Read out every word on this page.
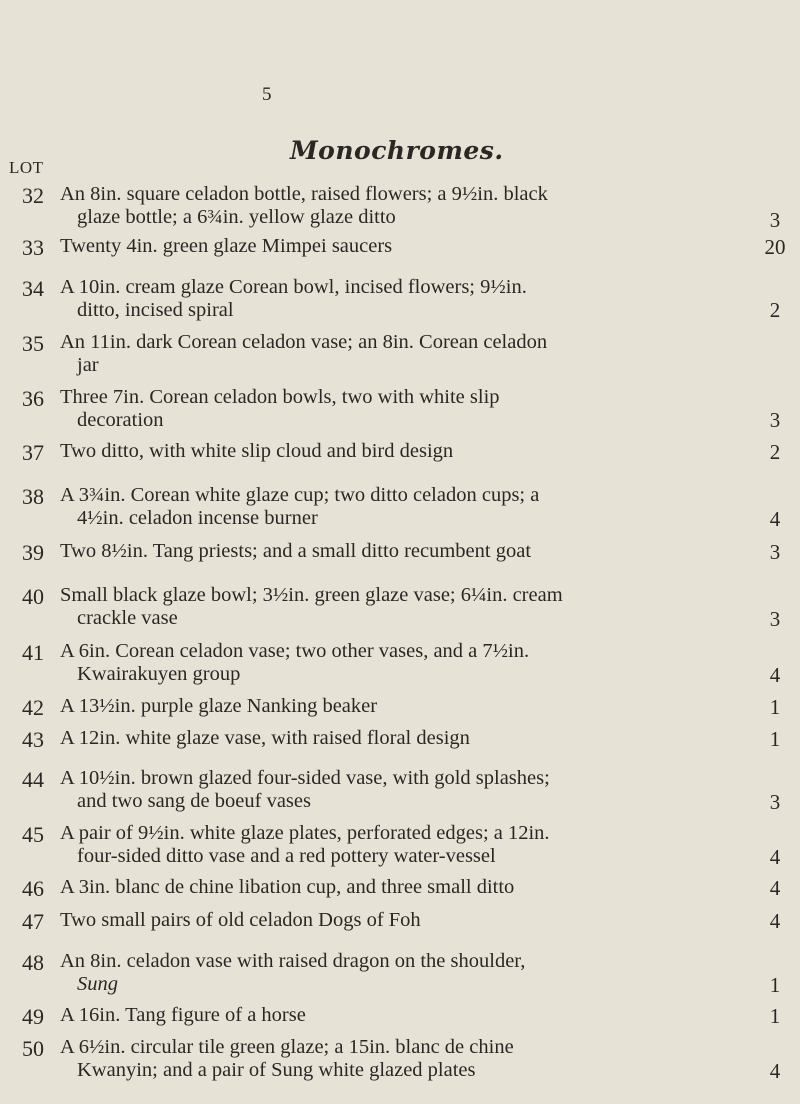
5
Monochromes.
LOT
32 An 8in. square celadon bottle, raised flowers; a 9½in. black
glaze bottle; a 6¾in. yellow glaze ditto	3
33 Twenty 4in. green glaze Mimpei saucers	20
34 A 10in. cream glaze Corean bowl, incised flowers; 9½in.
ditto, incised spiral	2
35 An 11in. dark Corean celadon vase; an 8in. Corean celadon
jar
36 Three 7in. Corean celadon bowls, two with white slip
decoration	3
37 Two ditto, with white slip cloud and bird design	2
38 A 3¾in. Corean white glaze cup; two ditto celadon cups; a
4½in. celadon incense burner	4
39 Two 8½in. Tang priests; and a small ditto recumbent goat	3
40 Small black glaze bowl; 3½in. green glaze vase; 6¼in. cream
crackle vase	3
41 A 6in. Corean celadon vase; two other vases, and a 7½in.
Kwairakuyen group	4
42 A 13½in. purple glaze Nanking beaker	1
43 A 12in. white glaze vase, with raised floral design	1
44 A 10½in. brown glazed four-sided vase, with gold splashes;
and two sang de boeuf vases	3
45 A pair of 9½in. white glaze plates, perforated edges; a 12in.
four-sided ditto vase and a red pottery water-vessel	4
46 A 3in. blanc de chine libation cup, and three small ditto	4
47 Two small pairs of old celadon Dogs of Foh	4
48 An 8in. celadon vase with raised dragon on the shoulder,
Sung	1
49 A 16in. Tang figure of a horse	1
50 A 6½in. circular tile green glaze; a 15in. blanc de chine
Kwanyin; and a pair of Sung white glazed plates	4
